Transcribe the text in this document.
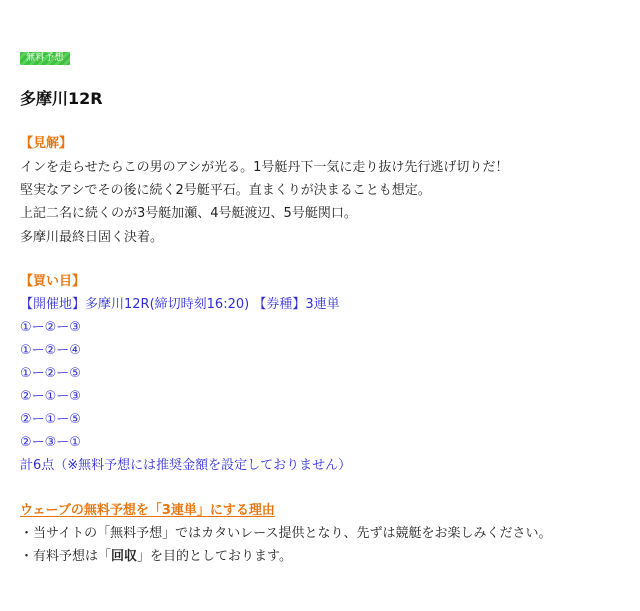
無料予想
多摩川12R
【見解】
インを走らせたらこの男のアシが光る。1号艇丹下一気に走り抜け先行逃げ切りだ！
堅実なアシでその後に続く2号艇平石。直まくりが決まることも想定。
上記二名に続くのが3号艇加瀬、4号艇渡辺、5号艇関口。
多摩川最終日固く決着。
【買い目】
【開催地】多摩川12R(締切時刻16:20) 【券種】3連単
①ー②ー③
①ー②ー④
①ー②ー⑤
②ー①ー③
②ー①ー⑤
②ー③ー①
計6点（※無料予想には推奨金額を設定しておりません）
ウェーブの無料予想を「3連単」にする理由
・当サイトの「無料予想」ではカタいレース提供となり、先ずは競艇をお楽しみください。
・有料予想は「回収」を目的としております。
